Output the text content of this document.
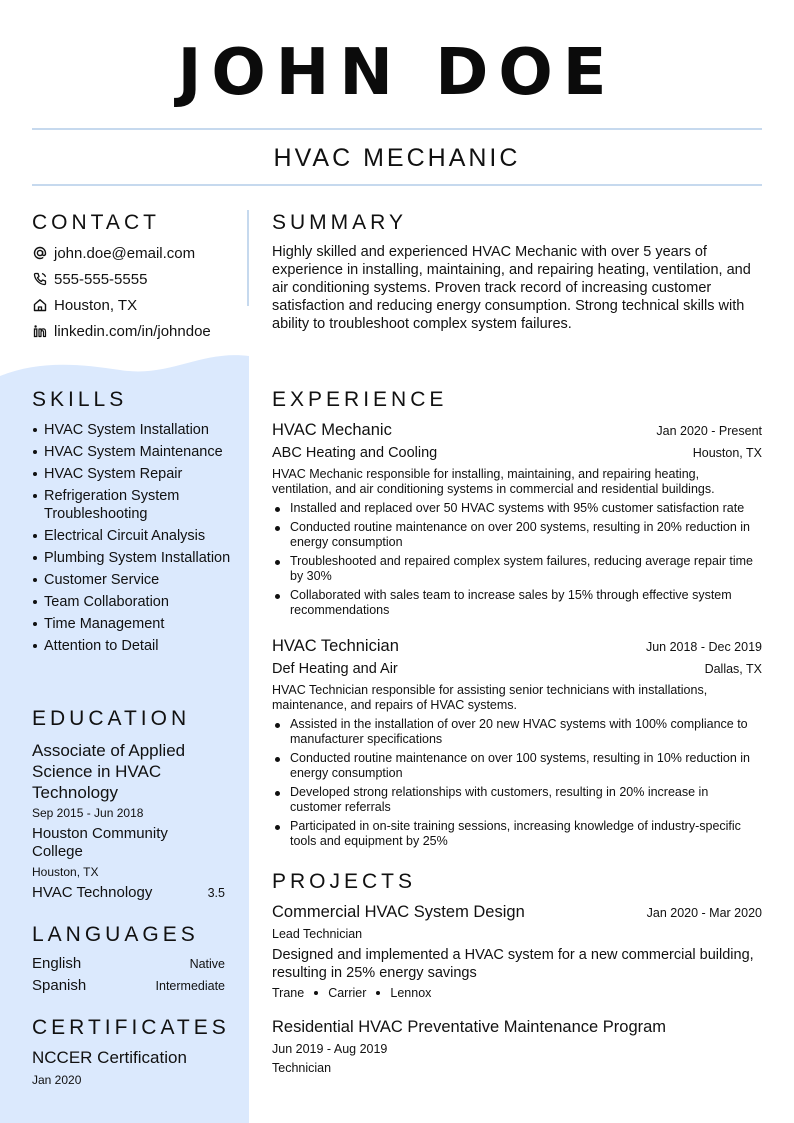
JOHN DOE
HVAC MECHANIC
CONTACT
john.doe@email.com
555-555-5555
Houston, TX
linkedin.com/in/johndoe
SKILLS
HVAC System Installation
HVAC System Maintenance
HVAC System Repair
Refrigeration System Troubleshooting
Electrical Circuit Analysis
Plumbing System Installation
Customer Service
Team Collaboration
Time Management
Attention to Detail
EDUCATION
Associate of Applied Science in HVAC Technology
Sep 2015 - Jun 2018
Houston Community College
Houston, TX
HVAC Technology	3.5
LANGUAGES
English	Native
Spanish	Intermediate
CERTIFICATES
NCCER Certification
Jan 2020
SUMMARY
Highly skilled and experienced HVAC Mechanic with over 5 years of experience in installing, maintaining, and repairing heating, ventilation, and air conditioning systems. Proven track record of increasing customer satisfaction and reducing energy consumption. Strong technical skills with ability to troubleshoot complex system failures.
EXPERIENCE
HVAC Mechanic	Jan 2020 - Present
ABC Heating and Cooling	Houston, TX
HVAC Mechanic responsible for installing, maintaining, and repairing heating, ventilation, and air conditioning systems in commercial and residential buildings.
Installed and replaced over 50 HVAC systems with 95% customer satisfaction rate
Conducted routine maintenance on over 200 systems, resulting in 20% reduction in energy consumption
Troubleshooted and repaired complex system failures, reducing average repair time by 30%
Collaborated with sales team to increase sales by 15% through effective system recommendations
HVAC Technician	Jun 2018 - Dec 2019
Def Heating and Air	Dallas, TX
HVAC Technician responsible for assisting senior technicians with installations, maintenance, and repairs of HVAC systems.
Assisted in the installation of over 20 new HVAC systems with 100% compliance to manufacturer specifications
Conducted routine maintenance on over 100 systems, resulting in 10% reduction in energy consumption
Developed strong relationships with customers, resulting in 20% increase in customer referrals
Participated in on-site training sessions, increasing knowledge of industry-specific tools and equipment by 25%
PROJECTS
Commercial HVAC System Design	Jan 2020 - Mar 2020
Lead Technician
Designed and implemented a HVAC system for a new commercial building, resulting in 25% energy savings
Trane Carrier Lennox
Residential HVAC Preventative Maintenance Program
Jun 2019 - Aug 2019
Technician
